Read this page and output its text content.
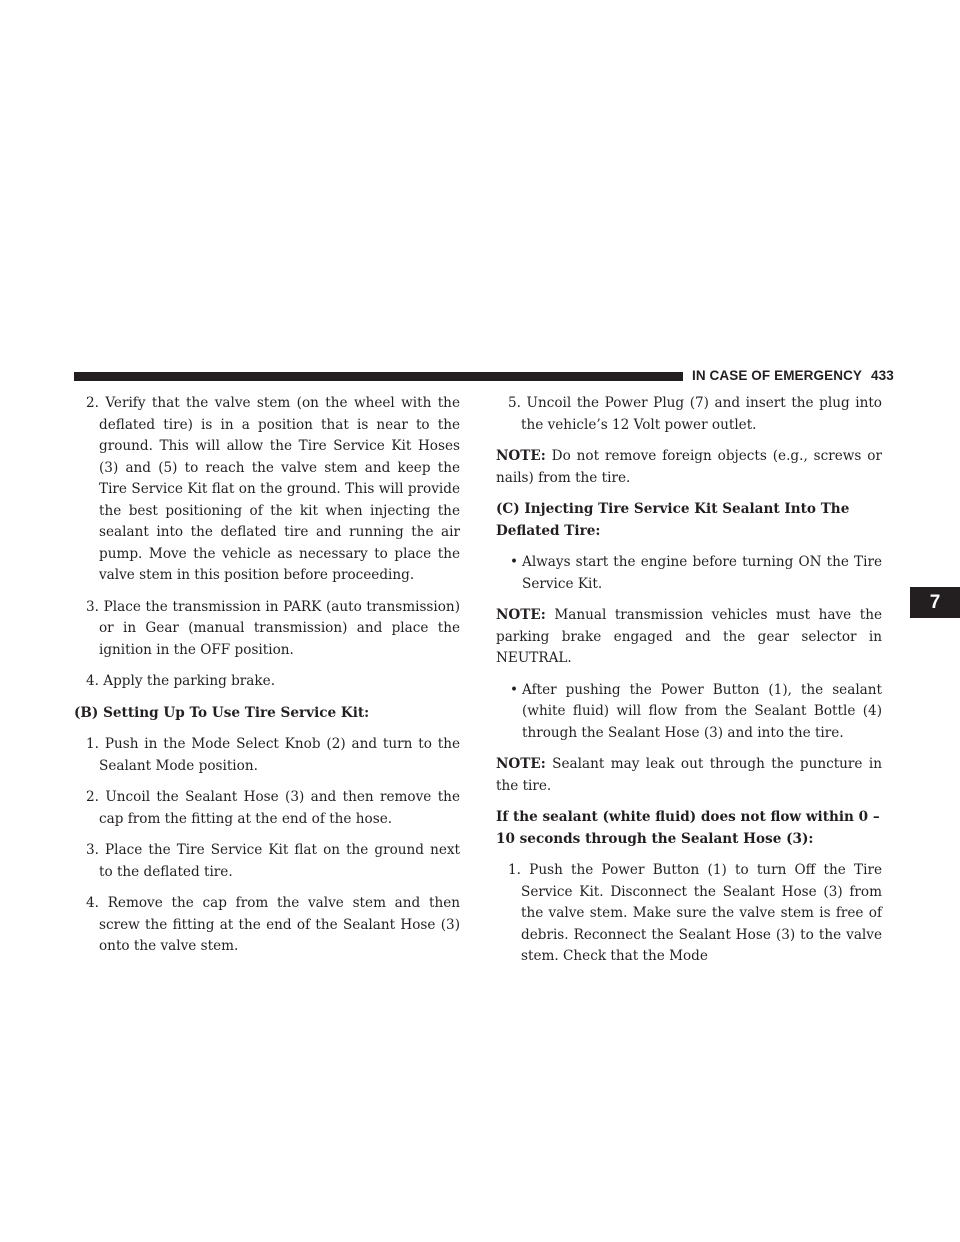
IN CASE OF EMERGENCY 433
7

2. Verify that the valve stem (on the wheel with the deflated tire) is in a position that is near to the ground. This will allow the Tire Service Kit Hoses (3) and (5) to reach the valve stem and keep the Tire Service Kit flat on the ground. This will provide the best positioning of the kit when injecting the sealant into the deflated tire and running the air pump. Move the vehicle as necessary to place the valve stem in this position before proceeding.

3. Place the transmission in PARK (auto transmission) or in Gear (manual transmission) and place the ignition in the OFF position.

4. Apply the parking brake.

(B) Setting Up To Use Tire Service Kit:

1. Push in the Mode Select Knob (2) and turn to the Sealant Mode position.

2. Uncoil the Sealant Hose (3) and then remove the cap from the fitting at the end of the hose.

3. Place the Tire Service Kit flat on the ground next to the deflated tire.

4. Remove the cap from the valve stem and then screw the fitting at the end of the Sealant Hose (3) onto the valve stem.

5. Uncoil the Power Plug (7) and insert the plug into the vehicle’s 12 Volt power outlet.

NOTE: Do not remove foreign objects (e.g., screws or nails) from the tire.

(C) Injecting Tire Service Kit Sealant Into The Deflated Tire:

• Always start the engine before turning ON the Tire Service Kit.

NOTE: Manual transmission vehicles must have the parking brake engaged and the gear selector in NEUTRAL.

• After pushing the Power Button (1), the sealant (white fluid) will flow from the Sealant Bottle (4) through the Sealant Hose (3) and into the tire.

NOTE: Sealant may leak out through the puncture in the tire.

If the sealant (white fluid) does not flow within 0 – 10 seconds through the Sealant Hose (3):

1. Push the Power Button (1) to turn Off the Tire Service Kit. Disconnect the Sealant Hose (3) from the valve stem. Make sure the valve stem is free of debris. Reconnect the Sealant Hose (3) to the valve stem. Check that the Mode
